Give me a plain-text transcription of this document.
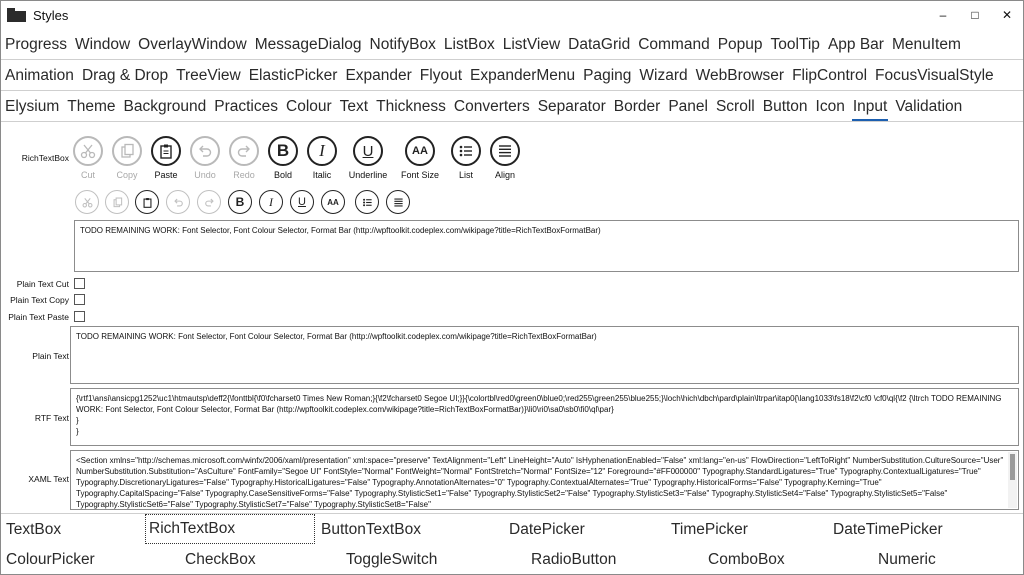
Styles	–	□	✕
Progress Window OverlayWindow MessageDialog NotifyBox ListBox ListView DataGrid Command Popup ToolTip App Bar MenuItem
Animation Drag & Drop TreeView ElasticPicker Expander Flyout ExpanderMenu Paging Wizard WebBrowser FlipControl FocusVisualStyle
Elysium Theme Background Practices Colour Text Thickness Converters Separator Border Panel Scroll Button Icon Input Validation
RichTextBox
Cut	Copy	Paste	Undo	Redo
B
Bold
I
Italic
U
Underline
AA
Font Size	List	Align
B	I	U	AA
TODO REMAINING WORK: Font Selector, Font Colour Selector, Format Bar (http://wpftoolkit.codeplex.com/wikipage?title=RichTextBoxFormatBar)
Plain Text Cut
Plain Text Copy
Plain Text Paste
Plain Text
TODO REMAINING WORK: Font Selector, Font Colour Selector, Format Bar (http://wpftoolkit.codeplex.com/wikipage?title=RichTextBoxFormatBar)
RTF Text
{\rtf1\ansi\ansicpg1252\uc1\htmautsp\deff2{\fonttbl{\f0\fcharset0 Times New Roman;}{\f2\fcharset0 Segoe UI;}}{\colortbl\red0\green0\blue0;\red255\green255\blue255;}\loch\hich\dbch\pard\plain\ltrpar\itap0{\lang1033\fs18\f2\cf0 \cf0\ql{\f2 {\ltrch TODO REMAINING WORK: Font Selector, Font Colour Selector, Format Bar (http://wpftoolkit.codeplex.com/wikipage?title=RichTextBoxFormatBar)}\li0\ri0\sa0\sb0\fi0\ql\par}
}
}
XAML Text
<Section xmlns="http://schemas.microsoft.com/winfx/2006/xaml/presentation" xml:space="preserve" TextAlignment="Left" LineHeight="Auto" IsHyphenationEnabled="False" xml:lang="en-us" FlowDirection="LeftToRight" NumberSubstitution.CultureSource="User" NumberSubstitution.Substitution="AsCulture" FontFamily="Segoe UI" FontStyle="Normal" FontWeight="Normal" FontStretch="Normal" FontSize="12" Foreground="#FF000000" Typography.StandardLigatures="True" Typography.ContextualLigatures="True" Typography.DiscretionaryLigatures="False" Typography.HistoricalLigatures="False" Typography.AnnotationAlternates="0" Typography.ContextualAlternates="True" Typography.HistoricalForms="False" Typography.Kerning="True" Typography.CapitalSpacing="False" Typography.CaseSensitiveForms="False" Typography.StylisticSet1="False" Typography.StylisticSet2="False" Typography.StylisticSet3="False" Typography.StylisticSet4="False" Typography.StylisticSet5="False" Typography.StylisticSet6="False" Typography.StylisticSet7="False" Typography.StylisticSet8="False"
TextBox	RichTextBox	ButtonTextBox	DatePicker	TimePicker	DateTimePicker
ColourPicker	CheckBox	ToggleSwitch	RadioButton	ComboBox	Numeric
